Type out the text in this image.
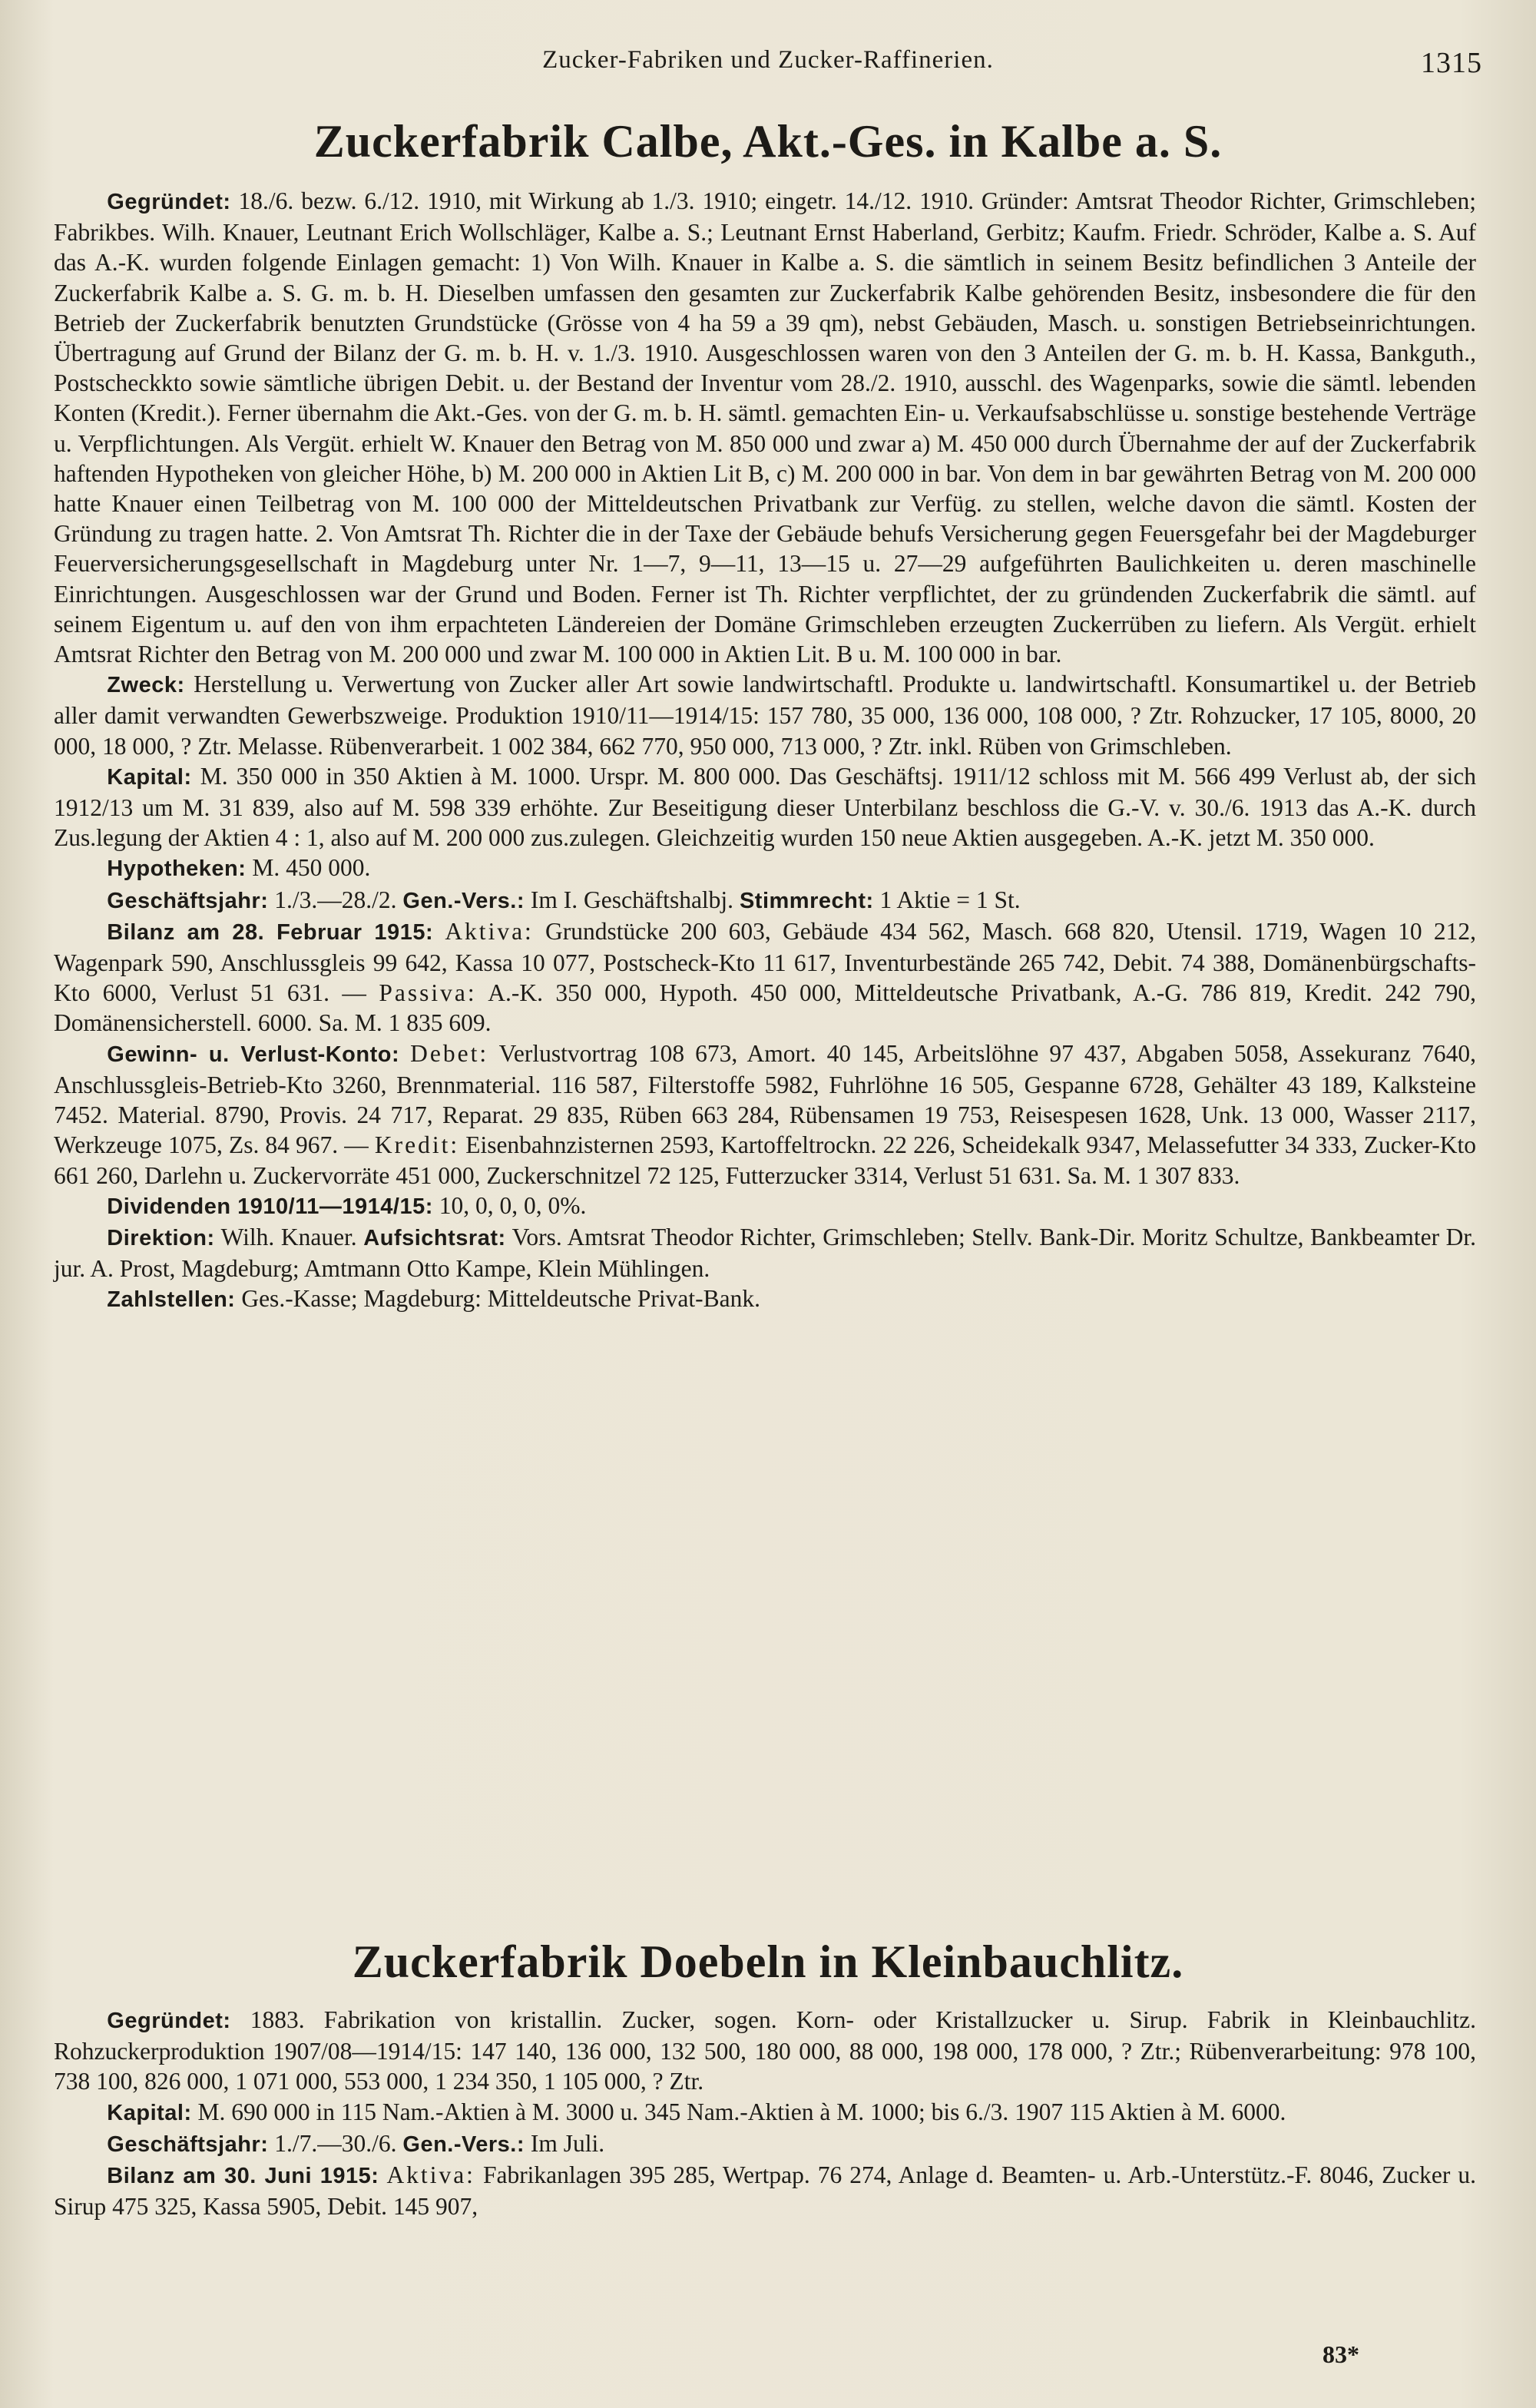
Zucker-Fabriken und Zucker-Raffinerien.	1315
Zuckerfabrik Calbe, Akt.-Ges. in Kalbe a. S.

Gegründet: 18./6. bezw. 6./12. 1910, mit Wirkung ab 1./3. 1910; eingetr. 14./12. 1910. Gründer: Amtsrat Theodor Richter, Grimschleben; Fabrikbes. Wilh. Knauer, Leutnant Erich Wollschläger, Kalbe a. S.; Leutnant Ernst Haberland, Gerbitz; Kaufm. Friedr. Schröder, Kalbe a. S. Auf das A.-K. wurden folgende Einlagen gemacht: 1) Von Wilh. Knauer in Kalbe a. S. die sämtlich in seinem Besitz befindlichen 3 Anteile der Zuckerfabrik Kalbe a. S. G. m. b. H. Dieselben umfassen den gesamten zur Zuckerfabrik Kalbe gehörenden Besitz, insbesondere die für den Betrieb der Zuckerfabrik benutzten Grundstücke (Grösse von 4 ha 59 a 39 qm), nebst Gebäuden, Masch. u. sonstigen Betriebseinrichtungen. Übertragung auf Grund der Bilanz der G. m. b. H. v. 1./3. 1910. Ausgeschlossen waren von den 3 Anteilen der G. m. b. H. Kassa, Bankguth., Postscheckkto sowie sämtliche übrigen Debit. u. der Bestand der Inventur vom 28./2. 1910, ausschl. des Wagenparks, sowie die sämtl. lebenden Konten (Kredit.). Ferner übernahm die Akt.-Ges. von der G. m. b. H. sämtl. gemachten Ein- u. Verkaufsabschlüsse u. sonstige bestehende Verträge u. Verpflichtungen. Als Vergüt. erhielt W. Knauer den Betrag von M. 850 000 und zwar a) M. 450 000 durch Übernahme der auf der Zuckerfabrik haftenden Hypotheken von gleicher Höhe, b) M. 200 000 in Aktien Lit B, c) M. 200 000 in bar. Von dem in bar gewährten Betrag von M. 200 000 hatte Knauer einen Teilbetrag von M. 100 000 der Mitteldeutschen Privatbank zur Verfüg. zu stellen, welche davon die sämtl. Kosten der Gründung zu tragen hatte. 2. Von Amtsrat Th. Richter die in der Taxe der Gebäude behufs Versicherung gegen Feuersgefahr bei der Magdeburger Feuerversicherungsgesellschaft in Magdeburg unter Nr. 1—7, 9—11, 13—15 u. 27—29 aufgeführten Baulichkeiten u. deren maschinelle Einrichtungen. Ausgeschlossen war der Grund und Boden. Ferner ist Th. Richter verpflichtet, der zu gründenden Zuckerfabrik die sämtl. auf seinem Eigentum u. auf den von ihm erpachteten Ländereien der Domäne Grimschleben erzeugten Zuckerrüben zu liefern. Als Vergüt. erhielt Amtsrat Richter den Betrag von M. 200 000 und zwar M. 100 000 in Aktien Lit. B u. M. 100 000 in bar.

Zweck: Herstellung u. Verwertung von Zucker aller Art sowie landwirtschaftl. Produkte u. landwirtschaftl. Konsumartikel u. der Betrieb aller damit verwandten Gewerbszweige. Produktion 1910/11—1914/15: 157 780, 35 000, 136 000, 108 000, ? Ztr. Rohzucker, 17 105, 8000, 20 000, 18 000, ? Ztr. Melasse. Rübenverarbeit. 1 002 384, 662 770, 950 000, 713 000, ? Ztr. inkl. Rüben von Grimschleben.

Kapital: M. 350 000 in 350 Aktien à M. 1000. Urspr. M. 800 000. Das Geschäftsj. 1911/12 schloss mit M. 566 499 Verlust ab, der sich 1912/13 um M. 31 839, also auf M. 598 339 erhöhte. Zur Beseitigung dieser Unterbilanz beschloss die G.-V. v. 30./6. 1913 das A.-K. durch Zus.legung der Aktien 4 : 1, also auf M. 200 000 zus.zulegen. Gleichzeitig wurden 150 neue Aktien ausgegeben. A.-K. jetzt M. 350 000.

Hypotheken: M. 450 000.

Geschäftsjahr: 1./3.—28./2. Gen.-Vers.: Im I. Geschäftshalbj. Stimmrecht: 1 Aktie = 1 St.

Bilanz am 28. Februar 1915: Aktiva: Grundstücke 200 603, Gebäude 434 562, Masch. 668 820, Utensil. 1719, Wagen 10 212, Wagenpark 590, Anschlussgleis 99 642, Kassa 10 077, Postscheck-Kto 11 617, Inventurbestände 265 742, Debit. 74 388, Domänenbürgschafts-Kto 6000, Verlust 51 631. — Passiva: A.-K. 350 000, Hypoth. 450 000, Mitteldeutsche Privatbank, A.-G. 786 819, Kredit. 242 790, Domänensicherstell. 6000. Sa. M. 1 835 609.

Gewinn- u. Verlust-Konto: Debet: Verlustvortrag 108 673, Amort. 40 145, Arbeitslöhne 97 437, Abgaben 5058, Assekuranz 7640, Anschlussgleis-Betrieb-Kto 3260, Brennmaterial. 116 587, Filterstoffe 5982, Fuhrlöhne 16 505, Gespanne 6728, Gehälter 43 189, Kalksteine 7452. Material. 8790, Provis. 24 717, Reparat. 29 835, Rüben 663 284, Rübensamen 19 753, Reisespesen 1628, Unk. 13 000, Wasser 2117, Werkzeuge 1075, Zs. 84 967. — Kredit: Eisenbahnzisternen 2593, Kartoffeltrockn. 22 226, Scheidekalk 9347, Melassefutter 34 333, Zucker-Kto 661 260, Darlehn u. Zuckervorräte 451 000, Zuckerschnitzel 72 125, Futterzucker 3314, Verlust 51 631. Sa. M. 1 307 833.

Dividenden 1910/11—1914/15: 10, 0, 0, 0, 0%.

Direktion: Wilh. Knauer. Aufsichtsrat: Vors. Amtsrat Theodor Richter, Grimschleben; Stellv. Bank-Dir. Moritz Schultze, Bankbeamter Dr. jur. A. Prost, Magdeburg; Amtmann Otto Kampe, Klein Mühlingen.

Zahlstellen: Ges.-Kasse; Magdeburg: Mitteldeutsche Privat-Bank.

Zuckerfabrik Doebeln in Kleinbauchlitz.

Gegründet: 1883. Fabrikation von kristallin. Zucker, sogen. Korn- oder Kristallzucker u. Sirup. Fabrik in Kleinbauchlitz. Rohzuckerproduktion 1907/08—1914/15: 147 140, 136 000, 132 500, 180 000, 88 000, 198 000, 178 000, ? Ztr.; Rübenverarbeitung: 978 100, 738 100, 826 000, 1 071 000, 553 000, 1 234 350, 1 105 000, ? Ztr.

Kapital: M. 690 000 in 115 Nam.-Aktien à M. 3000 u. 345 Nam.-Aktien à M. 1000; bis 6./3. 1907 115 Aktien à M. 6000.

Geschäftsjahr: 1./7.—30./6. Gen.-Vers.: Im Juli.

Bilanz am 30. Juni 1915: Aktiva: Fabrikanlagen 395 285, Wertpap. 76 274, Anlage d. Beamten- u. Arb.-Unterstütz.-F. 8046, Zucker u. Sirup 475 325, Kassa 5905, Debit. 145 907,

83*
